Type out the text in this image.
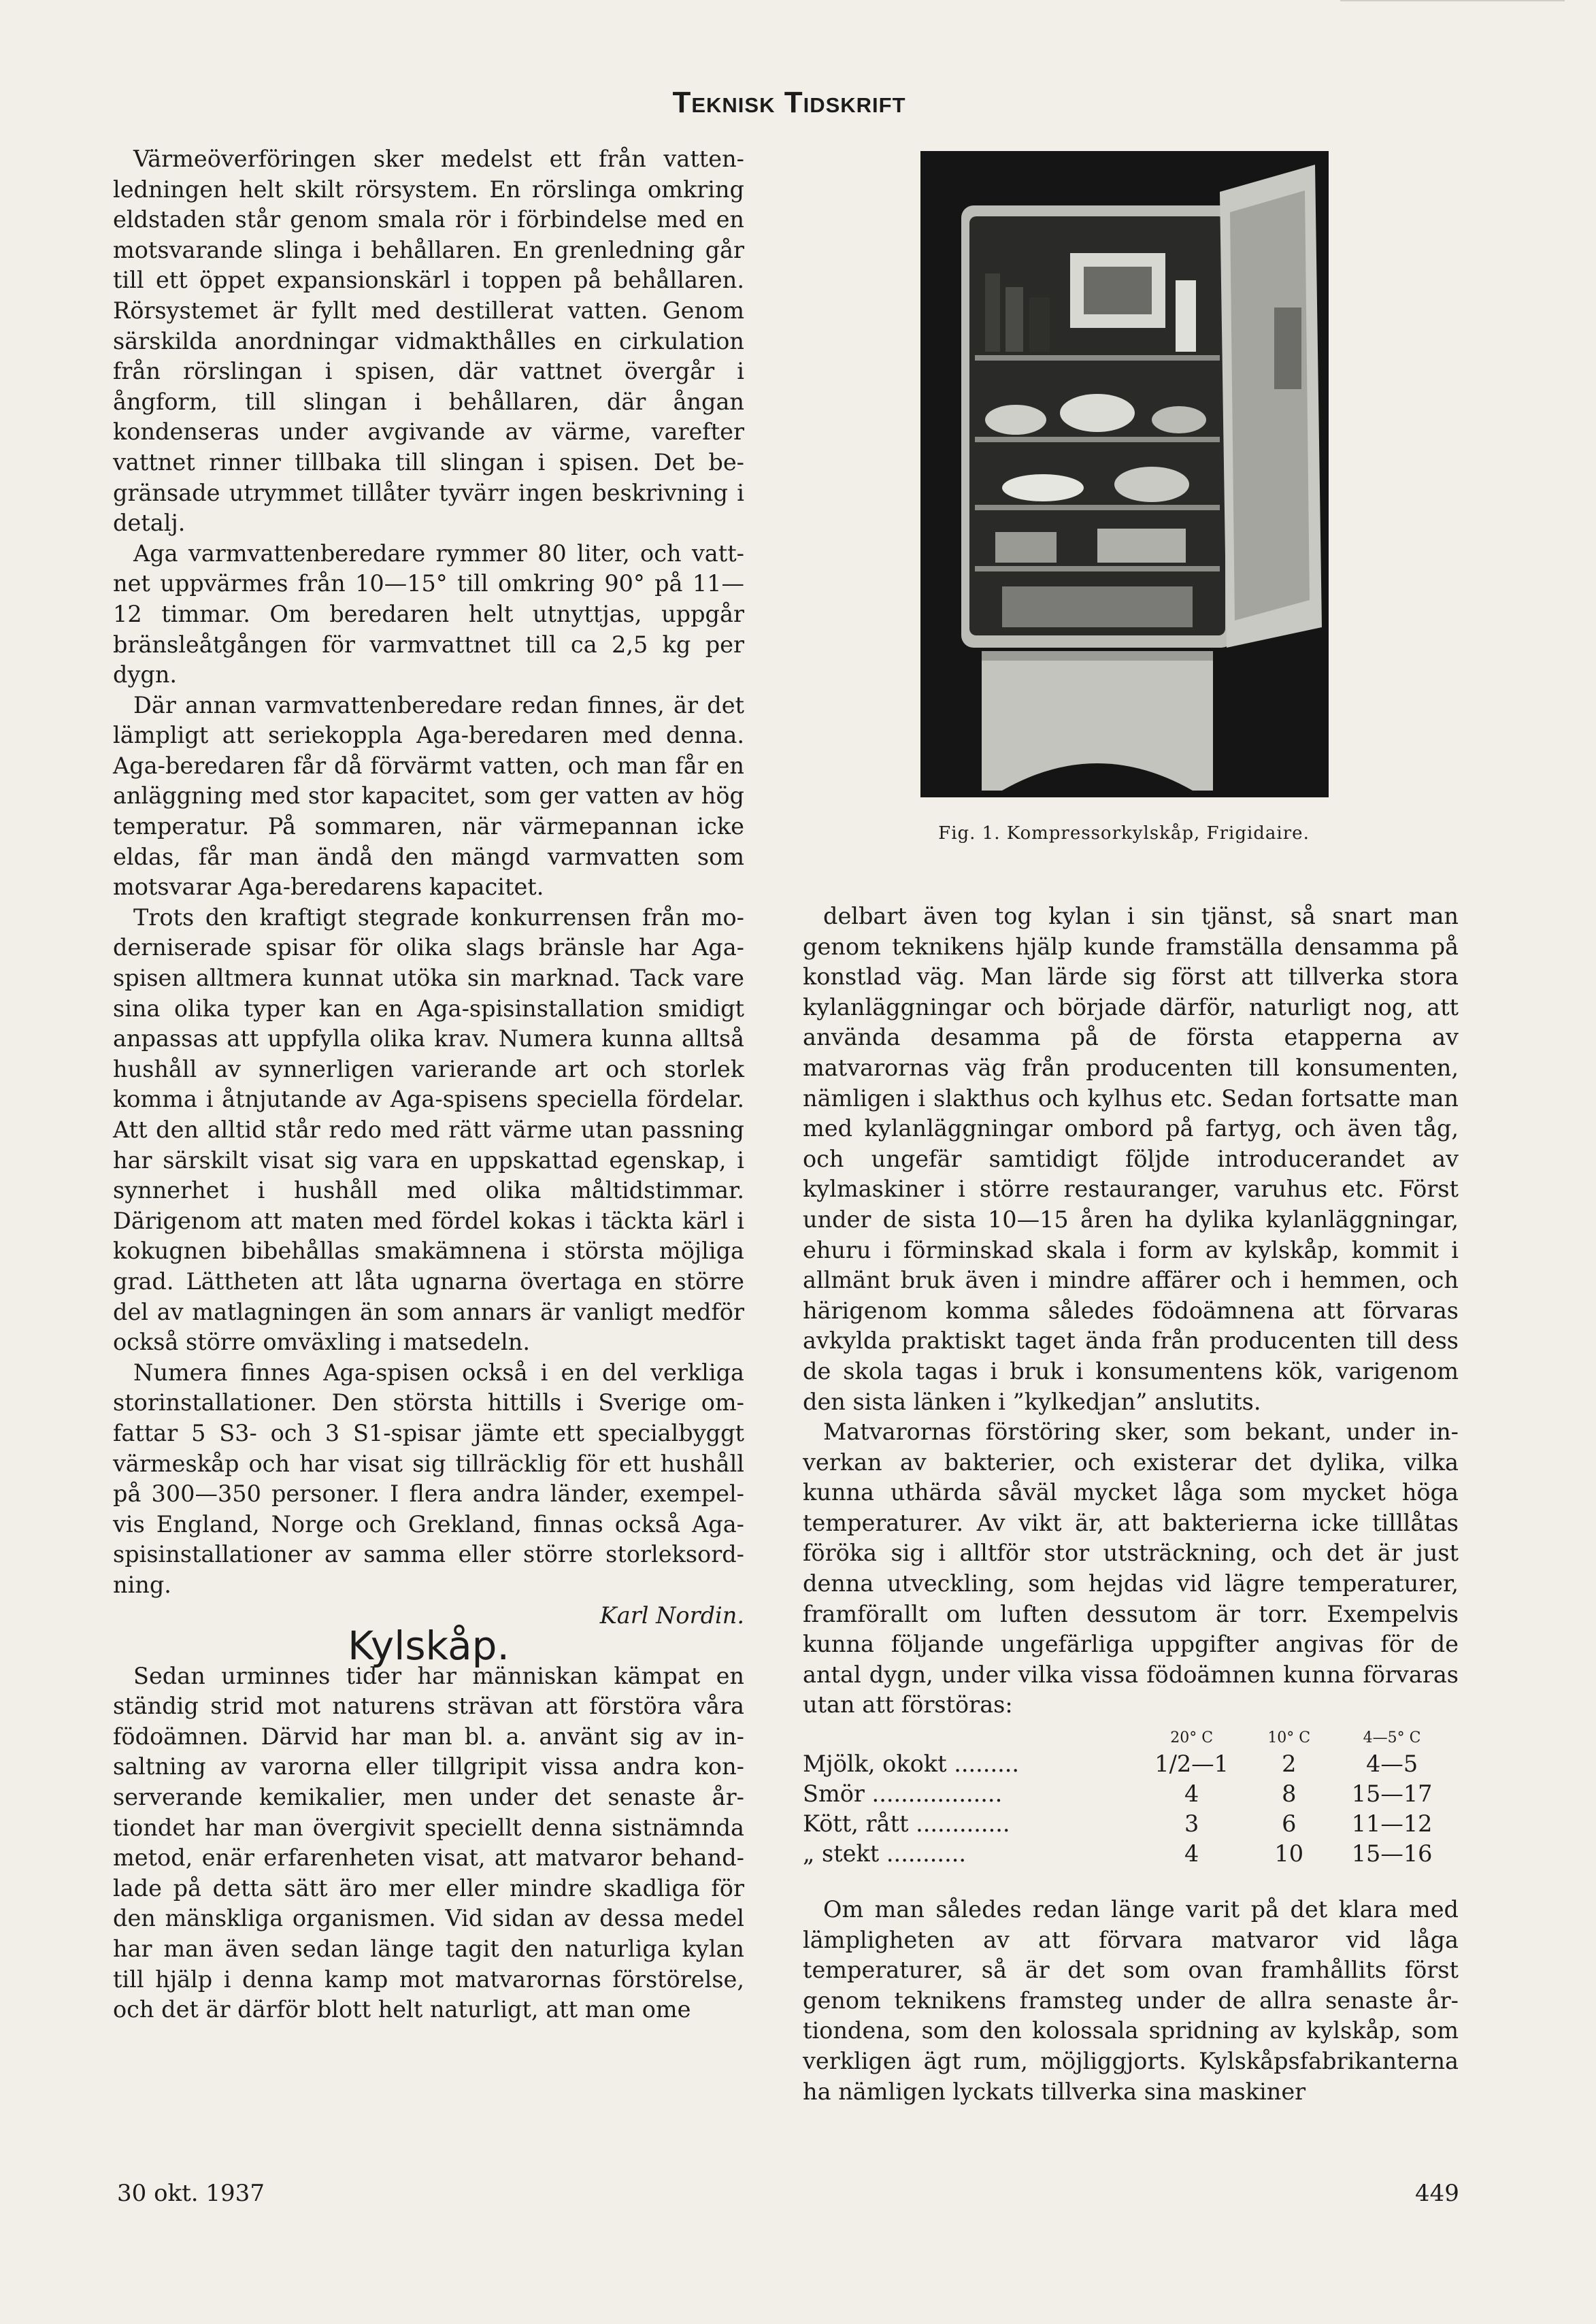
Teknisk Tidskrift

Värmeöverföringen sker medelst ett från vattenledningen helt skilt rörsystem. En rörslinga omkring eldstaden står genom smala rör i förbindelse med en motsvarande slinga i behållaren. En grenledning går till ett öppet expansionskärl i toppen på behållaren. Rörsystemet är fyllt med destillerat vatten. Genom särskilda anordningar vidmakthålles en cirkulation från rörslingan i spisen, där vattnet övergår i ångform, till slingan i behållaren, där ångan kondenseras under avgivande av värme, varefter vattnet rinner tillbaka till slingan i spisen. Det begränsade utrymmet tillåter tyvärr ingen beskrivning i detalj.

Aga varmvattenberedare rymmer 80 liter, och vattnet uppvärmes från 10—15° till omkring 90° på 11—12 timmar. Om beredaren helt utnyttjas, uppgår bränsleåtgången för varmvattnet till ca 2,5 kg per dygn.

Där annan varmvattenberedare redan finnes, är det lämpligt att seriekoppla Aga-beredaren med denna. Aga-beredaren får då förvärmt vatten, och man får en anläggning med stor kapacitet, som ger vatten av hög temperatur. På sommaren, när värmepannan icke eldas, får man ändå den mängd varmvatten som motsvarar Aga-beredarens kapacitet.

Trots den kraftigt stegrade konkurrensen från moderniserade spisar för olika slags bränsle har Aga-spisen alltmera kunnat utöka sin marknad. Tack vare sina olika typer kan en Aga-spisinstallation smidigt anpassas att uppfylla olika krav. Numera kunna alltså hushåll av synnerligen varierande art och storlek komma i åtnjutande av Aga-spisens speciella fördelar. Att den alltid står redo med rätt värme utan passning har särskilt visat sig vara en uppskattad egenskap, i synnerhet i hushåll med olika måltidstimmar. Därigenom att maten med fördel kokas i täckta kärl i kokugnen bibehållas smakämnena i största möjliga grad. Lättheten att låta ugnarna övertaga en större del av matlagningen än som annars är vanligt medför också större omväxling i matsedeln.

Numera finnes Aga-spisen också i en del verkliga storinstallationer. Den största hittills i Sverige omfattar 5 S3- och 3 S1-spisar jämte ett specialbyggt värmeskåp och har visat sig tillräcklig för ett hushåll på 300—350 personer. I flera andra länder, exempelvis England, Norge och Grekland, finnas också Aga-spisinstallationer av samma eller större storleksordning.

Karl Nordin.

Kylskåp.

Sedan urminnes tider har människan kämpat en ständig strid mot naturens strävan att förstöra våra födoämnen. Därvid har man bl. a. använt sig av insaltning av varorna eller tillgripit vissa andra konserverande kemikalier, men under det senaste årtiondet har man övergivit speciellt denna sistnämnda metod, enär erfarenheten visat, att matvaror behandlade på detta sätt äro mer eller mindre skadliga för den mänskliga organismen. Vid sidan av dessa medel har man även sedan länge tagit den naturliga kylan till hjälp i denna kamp mot matvarornas förstörelse, och det är därför blott helt naturligt, att man ome

Fig. 1. Kompressorkylskåp, Frigidaire.

delbart även tog kylan i sin tjänst, så snart man genom teknikens hjälp kunde framställa densamma på konstlad väg. Man lärde sig först att tillverka stora kylanläggningar och började därför, naturligt nog, att använda desamma på de första etapperna av matvarornas väg från producenten till konsumenten, nämligen i slakthus och kylhus etc. Sedan fortsatte man med kylanläggningar ombord på fartyg, och även tåg, och ungefär samtidigt följde introducerandet av kylmaskiner i större restauranger, varuhus etc. Först under de sista 10—15 åren ha dylika kylanläggningar, ehuru i förminskad skala i form av kylskåp, kommit i allmänt bruk även i mindre affärer och i hemmen, och härigenom komma således födoämnena att förvaras avkylda praktiskt taget ända från producenten till dess de skola tagas i bruk i konsumentens kök, varigenom den sista länken i ”kylkedjan” anslutits.

Matvarornas förstöring sker, som bekant, under inverkan av bakterier, och existerar det dylika, vilka kunna uthärda såväl mycket låga som mycket höga temperaturer. Av vikt är, att bakterierna icke tilllåtas föröka sig i alltför stor utsträckning, och det är just denna utveckling, som hejdas vid lägre temperaturer, framförallt om luften dessutom är torr. Exempelvis kunna följande ungefärliga uppgifter angivas för de antal dygn, under vilka vissa födoämnen kunna förvaras utan att förstöras:

	20° C	10° C	4—5° C
Mjölk, okokt .........	1/2—1	2	4—5
Smör ..................	4	8	15—17
Kött, rått .............	3	6	11—12
„ stekt ...........	4	10	15—16

Om man således redan länge varit på det klara med lämpligheten av att förvara matvaror vid låga temperaturer, så är det som ovan framhållits först genom teknikens framsteg under de allra senaste årtiondena, som den kolossala spridning av kylskåp, som verkligen ägt rum, möjliggjorts. Kylskåpsfabrikanterna ha nämligen lyckats tillverka sina maskiner

30 okt. 1937	449
